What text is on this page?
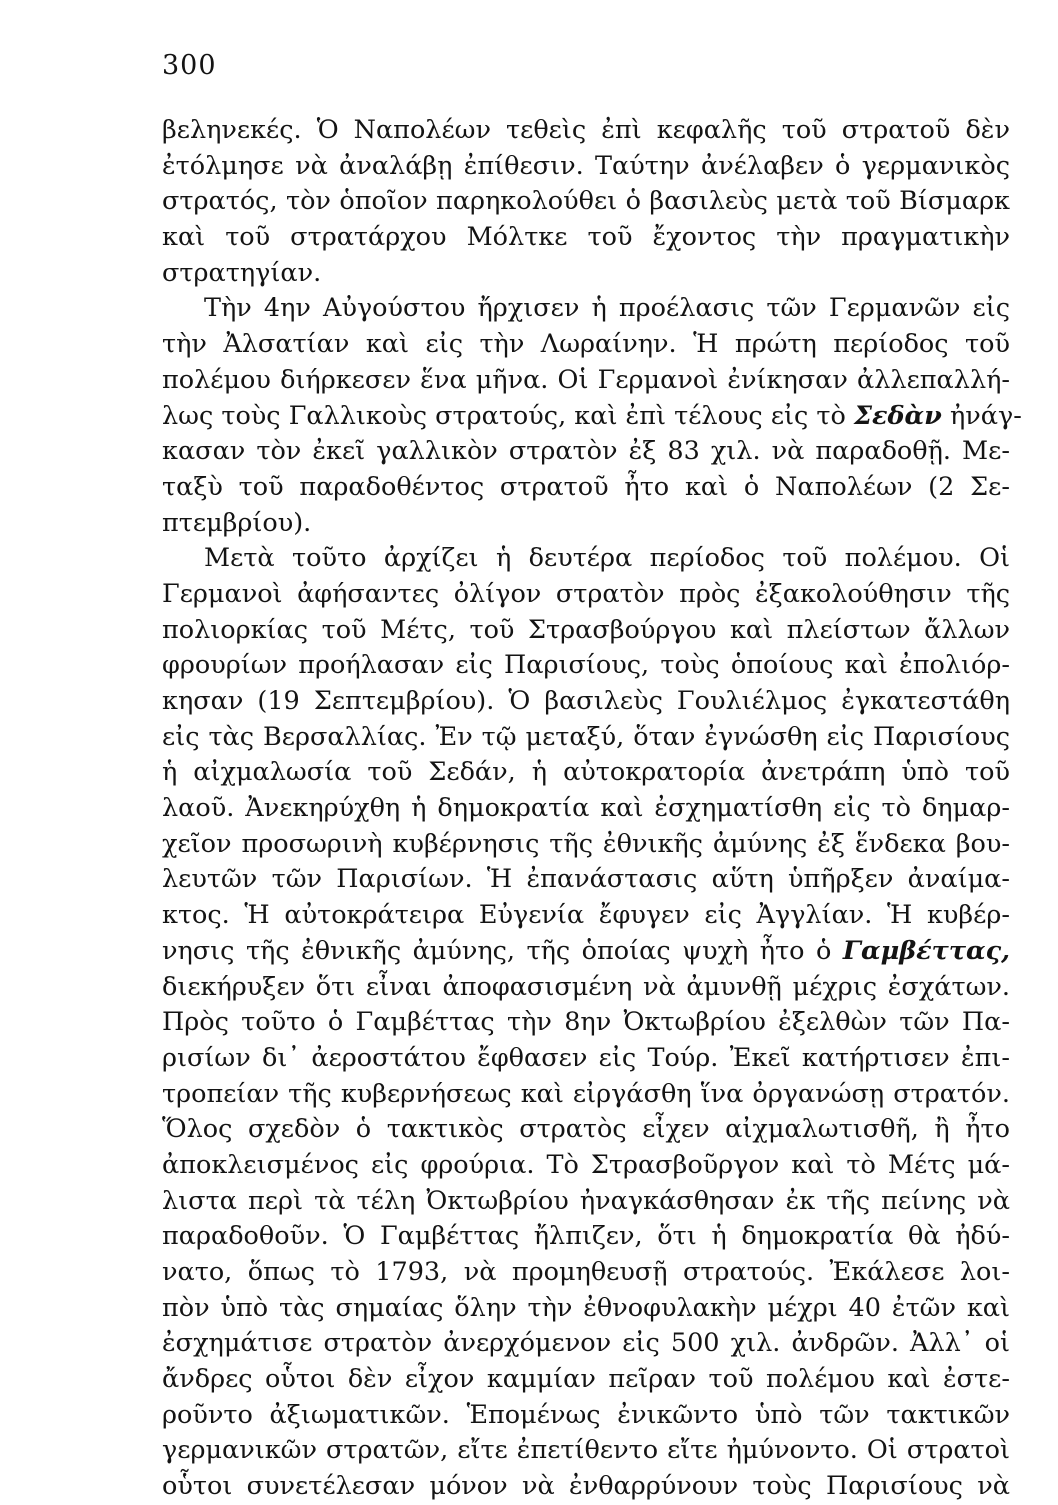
300
βεληνεκές. Ὁ Ναπολέων τεθεὶς ἐπὶ κεφαλῆς τοῦ στρατοῦ δὲν
ἐτόλμησε νὰ ἀναλάβῃ ἐπίθεσιν. Ταύτην ἀνέλαβεν ὁ γερμανικὸς
στρατός, τὸν ὁποῖον παρηκολούθει ὁ βασιλεὺς μετὰ τοῦ Βίσμαρκ
καὶ τοῦ στρατάρχου Μόλτκε τοῦ ἔχοντος τὴν πραγματικὴν
στρατηγίαν.
Τὴν 4ην Αὐγούστου ἤρχισεν ἡ προέλασις τῶν Γερμανῶν εἰς
τὴν Ἀλσατίαν καὶ εἰς τὴν Λωραίνην. Ἡ πρώτη περίοδος τοῦ
πολέμου διήρκεσεν ἕνα μῆνα. Οἱ Γερμανοὶ ἐνίκησαν ἀλλεπαλλή-
λως τοὺς Γαλλικοὺς στρατούς, καὶ ἐπὶ τέλους εἰς τὸ Σεδὰν ἠνάγ-
κασαν τὸν ἐκεῖ γαλλικὸν στρατὸν ἐξ 83 χιλ. νὰ παραδοθῇ. Με-
ταξὺ τοῦ παραδοθέντος στρατοῦ ἦτο καὶ ὁ Ναπολέων (2 Σε-
πτεμβρίου).
Μετὰ τοῦτο ἀρχίζει ἡ δευτέρα περίοδος τοῦ πολέμου. Οἱ
Γερμανοὶ ἀφήσαντες ὀλίγον στρατὸν πρὸς ἐξακολούθησιν τῆς
πολιορκίας τοῦ Μέτς, τοῦ Στρασβούργου καὶ πλείστων ἄλλων
φρουρίων προήλασαν εἰς Παρισίους, τοὺς ὁποίους καὶ ἐπολιόρ-
κησαν (19 Σεπτεμβρίου). Ὁ βασιλεὺς Γουλιέλμος ἐγκατεστάθη
εἰς τὰς Βερσαλλίας. Ἐν τῷ μεταξύ, ὅταν ἐγνώσθη εἰς Παρισίους
ἡ αἰχμαλωσία τοῦ Σεδάν, ἡ αὐτοκρατορία ἀνετράπη ὑπὸ τοῦ
λαοῦ. Ἀνεκηρύχθη ἡ δημοκρατία καὶ ἐσχηματίσθη εἰς τὸ δημαρ-
χεῖον προσωρινὴ κυβέρνησις τῆς ἐθνικῆς ἀμύνης ἐξ ἕνδεκα βου-
λευτῶν τῶν Παρισίων. Ἡ ἐπανάστασις αὕτη ὑπῆρξεν ἀναίμα-
κτος. Ἡ αὐτοκράτειρα Εὐγενία ἔφυγεν εἰς Ἀγγλίαν. Ἡ κυβέρ-
νησις τῆς ἐθνικῆς ἀμύνης, τῆς ὁποίας ψυχὴ ἦτο ὁ Γαμβέττας,
διεκήρυξεν ὅτι εἶναι ἀποφασισμένη νὰ ἀμυνθῇ μέχρις ἐσχάτων.
Πρὸς τοῦτο ὁ Γαμβέττας τὴν 8ην Ὀκτωβρίου ἐξελθὼν τῶν Πα-
ρισίων δι᾿ ἀεροστάτου ἔφθασεν εἰς Τούρ. Ἐκεῖ κατήρτισεν ἐπι-
τροπείαν τῆς κυβερνήσεως καὶ εἰργάσθη ἵνα ὀργανώσῃ στρατόν.
Ὅλος σχεδὸν ὁ τακτικὸς στρατὸς εἶχεν αἰχμαλωτισθῆ, ἢ ἦτο
ἀποκλεισμένος εἰς φρούρια. Τὸ Στρασβοῦργον καὶ τὸ Μέτς μά-
λιστα περὶ τὰ τέλη Ὀκτωβρίου ἠναγκάσθησαν ἐκ τῆς πείνης νὰ
παραδοθοῦν. Ὁ Γαμβέττας ἤλπιζεν, ὅτι ἡ δημοκρατία θὰ ἠδύ-
νατο, ὅπως τὸ 1793, νὰ προμηθευσῇ στρατούς. Ἐκάλεσε λοι-
πὸν ὑπὸ τὰς σημαίας ὅλην τὴν ἐθνοφυλακὴν μέχρι 40 ἐτῶν καὶ
ἐσχημάτισε στρατὸν ἀνερχόμενον εἰς 500 χιλ. ἀνδρῶν. Ἀλλ᾿ οἱ
ἄνδρες οὗτοι δὲν εἶχον καμμίαν πεῖραν τοῦ πολέμου καὶ ἐστε-
ροῦντο ἀξιωματικῶν. Ἑπομένως ἐνικῶντο ὑπὸ τῶν τακτικῶν
γερμανικῶν στρατῶν, εἴτε ἐπετίθεντο εἴτε ἠμύνοντο. Οἱ στρατοὶ
οὗτοι συνετέλεσαν μόνον νὰ ἐνθαρρύνουν τοὺς Παρισίους νὰ
